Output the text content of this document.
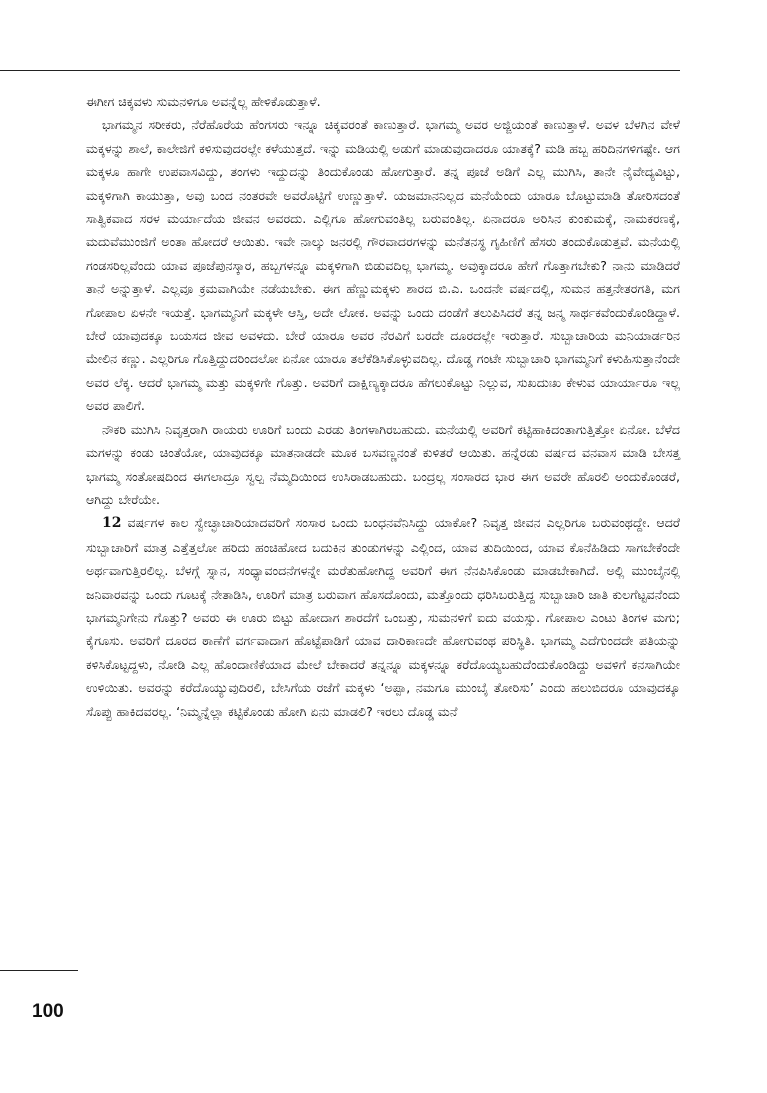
ಈಗೀಗ ಚಿಕ್ಕವಳು ಸುಮನಳಿಗೂ ಅವನ್ನೆಲ್ಲ ಹೇಳಿಕೊಡುತ್ತಾಳೆ.

ಭಾಗಮ್ಮನ ಸರೀಕರು, ನೆರೆಹೊರೆಯ ಹೆಂಗಸರು ಇನ್ನೂ ಚಿಕ್ಕವರಂತೆ ಕಾಣುತ್ತಾರೆ. ಭಾಗಮ್ಮ ಅವರ ಅಜ್ಜಿಯಂತೆ ಕಾಣುತ್ತಾಳೆ. ಅವಳ ಬೆಳಗಿನ ವೇಳೆ ಮಕ್ಕಳನ್ನು ಶಾಲೆ, ಕಾಲೇಜಿಗೆ ಕಳಿಸುವುದರಲ್ಲೇ ಕಳೆಯುತ್ತದೆ. ಇನ್ನು ಮಡಿಯಲ್ಲಿ ಅಡುಗೆ ಮಾಡುವುದಾದರೂ ಯಾತಕ್ಕೆ? ಮಡಿ ಹಬ್ಬ ಹರಿದಿನಗಳಿಗಷ್ಟೇ. ಆಗ ಮಕ್ಕಳೂ ಹಾಗೇ ಉಪವಾಸವಿದ್ದು, ತಂಗಳು ಇದ್ದುದನ್ನು ತಿಂದುಕೊಂಡು ಹೋಗುತ್ತಾರೆ. ತನ್ನ ಪೂಜೆ ಅಡಿಗೆ ಎಲ್ಲ ಮುಗಿಸಿ, ತಾನೇ ನೈವೇದ್ಯವಿಟ್ಟು, ಮಕ್ಕಳಿಗಾಗಿ ಕಾಯುತ್ತಾ, ಅವು ಬಂದ ನಂತರವೇ ಅವರೊಟ್ಟಿಗೆ ಉಣ್ಣುತ್ತಾಳೆ. ಯಜಮಾನನಿಲ್ಲದ ಮನೆಯೆಂದು ಯಾರೂ ಬೊಟ್ಟುಮಾಡಿ ತೋರಿಸದಂತೆ ಸಾತ್ವಿಕವಾದ ಸರಳ ಮರ್ಯಾದೆಯ ಜೀವನ ಅವರದು. ಎಲ್ಲಿಗೂ ಹೋಗುವಂತಿಲ್ಲ ಬರುವಂತಿಲ್ಲ. ಏನಾದರೂ ಅರಿಸಿನ ಕುಂಕುಮಕ್ಕೆ, ನಾಮಕರಣಕ್ಕೆ, ಮದುವೆಮುಂಜಿಗೆ ಅಂತಾ ಹೋದರೆ ಆಯಿತು. ಇವೇ ನಾಲ್ಕು ಜನರಲ್ಲಿ ಗೌರವಾದರಗಳನ್ನು ಮನೆತನಸ್ಥ ಗೃಹಿಣಿಗೆ ಹೆಸರು ತಂದುಕೊಡುತ್ತವೆ. ಮನೆಯಲ್ಲಿ ಗಂಡಸರಿಲ್ಲವೆಂದು ಯಾವ ಪೂಜೆಪುನಸ್ಕಾರ, ಹಬ್ಬಗಳನ್ನೂ ಮಕ್ಕಳಿಗಾಗಿ ಬಿಡುವದಿಲ್ಲ ಭಾಗಮ್ಮ. ಅವುಕ್ಕಾದರೂ ಹೇಗೆ ಗೊತ್ತಾಗಬೇಕು? ನಾನು ಮಾಡಿದರೆ ತಾನೆ ಅನ್ನುತ್ತಾಳೆ. ಎಲ್ಲವೂ ಕ್ರಮವಾಗಿಯೇ ನಡೆಯಬೇಕು. ಈಗ ಹೆಣ್ಣುಮಕ್ಕಳು ಶಾರದ ಬಿ.ಎ. ಒಂದನೇ ವರ್ಷದಲ್ಲಿ, ಸುಮನ ಹತ್ತನೇತರಗತಿ, ಮಗ ಗೋಪಾಲ ಏಳನೇ ಇಯತ್ತೆ. ಭಾಗಮ್ಮನಿಗೆ ಮಕ್ಕಳೇ ಆಸ್ತಿ, ಅದೇ ಲೋಕ. ಅವನ್ನು ಒಂದು ದಂಡೆಗೆ ತಲುಪಿಸಿದರೆ ತನ್ನ ಜನ್ಮ ಸಾರ್ಥಕವೆಂದುಕೊಂಡಿದ್ದಾಳೆ. ಬೇರೆ ಯಾವುದಕ್ಕೂ ಬಯಸದ ಜೀವ ಅವಳದು. ಬೇರೆ ಯಾರೂ ಅವರ ನೆರವಿಗೆ ಬರದೇ ದೂರದಲ್ಲೇ ಇರುತ್ತಾರೆ. ಸುಬ್ಬಾಚಾರಿಯ ಮನಿಯಾರ್ಡರಿನ ಮೇಲಿನ ಕಣ್ಣು. ಎಲ್ಲರಿಗೂ ಗೊತ್ತಿದ್ದುದರಿಂದಲೋ ಏನೋ ಯಾರೂ ತಲೆಕೆಡಿಸಿಕೊಳ್ಳುವದಿಲ್ಲ. ದೊಡ್ಡ ಗಂಟೇ ಸುಬ್ಬಾಚಾರಿ ಭಾಗಮ್ಮನಿಗೆ ಕಳುಹಿಸುತ್ತಾನೆಂದೇ ಅವರ ಲೆಕ್ಕ. ಆದರೆ ಭಾಗಮ್ಮ ಮತ್ತು ಮಕ್ಕಳಿಗೇ ಗೊತ್ತು. ಅವರಿಗೆ ದಾಕ್ಷಿಣ್ಯಕ್ಕಾದರೂ ಹೆಗಲುಕೊಟ್ಟು ನಿಲ್ಲುವ, ಸುಖದುಃಖ ಕೇಳುವ ಯಾರ್ಯಾರೂ ಇಲ್ಲ ಅವರ ಪಾಲಿಗೆ.

ನೌಕರಿ ಮುಗಿಸಿ ನಿವೃತ್ತರಾಗಿ ರಾಯರು ಊರಿಗೆ ಬಂದು ಎರಡು ತಿಂಗಳಾಗಿರಬಹುದು. ಮನೆಯಲ್ಲಿ ಅವರಿಗೆ ಕಟ್ಟಿಹಾಕಿದಂತಾಗುತ್ತಿತ್ತೋ ಏನೋ. ಬೆಳೆದ ಮಗಳನ್ನು ಕಂಡು ಚಿಂತೆಯೋ, ಯಾವುದಕ್ಕೂ ಮಾತನಾಡದೇ ಮೂಕ ಬಸವಣ್ಣನಂತೆ ಕುಳಿತರೆ ಆಯಿತು. ಹನ್ನೆರಡು ವರ್ಷದ ವನವಾಸ ಮಾಡಿ ಬೇಸತ್ತ ಭಾಗಮ್ಮ ಸಂತೋಷದಿಂದ ಈಗಲಾದ್ರೂ ಸ್ವಲ್ಪ ನೆಮ್ಮದಿಯಿಂದ ಉಸಿರಾಡಬಹುದು. ಬಂದ್ರಲ್ಲ ಸಂಸಾರದ ಭಾರ ಈಗ ಅವರೇ ಹೊರಲಿ ಅಂದುಕೊಂಡರೆ, ಆಗಿದ್ದು ಬೇರೆಯೇ.

12 ವರ್ಷಗಳ ಕಾಲ ಸ್ವೇಚ್ಛಾಚಾರಿಯಾದವರಿಗೆ ಸಂಸಾರ ಒಂದು ಬಂಧನವೆನಿಸಿದ್ದು ಯಾಕೋ? ನಿವೃತ್ತ ಜೀವನ ಎಲ್ಲರಿಗೂ ಬರುವಂಥದ್ದೇ. ಆದರೆ ಸುಬ್ಬಾಚಾರಿಗೆ ಮಾತ್ರ ಎತ್ತೆತ್ತಲೋ ಹರಿದು ಹಂಚಿಹೋದ ಬದುಕಿನ ತುಂಡುಗಳನ್ನು ಎಲ್ಲಿಂದ, ಯಾವ ತುದಿಯಿಂದ, ಯಾವ ಕೊನೆಹಿಡಿದು ಸಾಗಬೇಕೆಂದೇ ಅರ್ಥವಾಗುತ್ತಿರಲಿಲ್ಲ. ಬೆಳಗ್ಗೆ ಸ್ನಾನ, ಸಂಧ್ಯಾವಂದನೆಗಳನ್ನೇ ಮರೆತುಹೋಗಿದ್ದ ಅವರಿಗೆ ಈಗ ನೆನಪಿಸಿಕೊಂಡು ಮಾಡಬೇಕಾಗಿದೆ. ಅಲ್ಲಿ ಮುಂಬೈನಲ್ಲಿ ಜನಿವಾರವನ್ನು ಒಂದು ಗೂಟಕ್ಕೆ ನೇತಾಡಿಸಿ, ಊರಿಗೆ ಮಾತ್ರ ಬರುವಾಗ ಹೊಸದೊಂದು, ಮತ್ತೊಂದು ಧರಿಸಿಬರುತ್ತಿದ್ದ ಸುಬ್ಬಾಚಾರಿ ಜಾತಿ ಕುಲಗೆಟ್ಟವನೆಂದು ಭಾಗಮ್ಮನಿಗೇನು ಗೊತ್ತು? ಅವರು ಈ ಊರು ಬಿಟ್ಟು ಹೋದಾಗ ಶಾರದೆಗೆ ಒಂಬತ್ತು, ಸುಮನಳಿಗೆ ಐದು ವಯಸ್ಸು. ಗೋಪಾಲ ಎಂಟು ತಿಂಗಳ ಮಗು; ಕೈಗೂಸು. ಅವರಿಗೆ ದೂರದ ಠಾಣೆಗೆ ವರ್ಗವಾದಾಗ ಹೊಟ್ಟೆಪಾಡಿಗೆ ಯಾವ ದಾರಿಕಾಣದೇ ಹೋಗುವಂಥ ಪರಿಸ್ಥಿತಿ. ಭಾಗಮ್ಮ ಎದೆಗುಂದದೇ ಪತಿಯನ್ನು ಕಳಿಸಿಕೊಟ್ಟದ್ದಳು, ನೋಡಿ ಎಲ್ಲ ಹೊಂದಾಣಿಕೆಯಾದ ಮೇಲೆ ಬೇಕಾದರೆ ತನ್ನನ್ನೂ ಮಕ್ಕಳನ್ನೂ ಕರೆದೊಯ್ಯಬಹುದೆಂದುಕೊಂಡಿದ್ದು ಅವಳಿಗೆ ಕನಸಾಗಿಯೇ ಉಳಿಯಿತು. ಅವರನ್ನು ಕರೆದೊಯ್ಯುವುದಿರಲಿ, ಬೇಸಿಗೆಯ ರಜೆಗೆ ಮಕ್ಕಳು ‘ಅಪ್ಪಾ, ನಮಗೂ ಮುಂಬೈ ತೋರಿಸು’ ಎಂದು ಹಲುಬಿದರೂ ಯಾವುದಕ್ಕೂ ಸೊಪ್ಪು ಹಾಕಿದವರಲ್ಲ. ‘ನಿಮ್ಮನ್ನೆಲ್ಲಾ ಕಟ್ಟಿಕೊಂಡು ಹೋಗಿ ಏನು ಮಾಡಲಿ? ಇರಲು ದೊಡ್ಡ ಮನೆ

100
